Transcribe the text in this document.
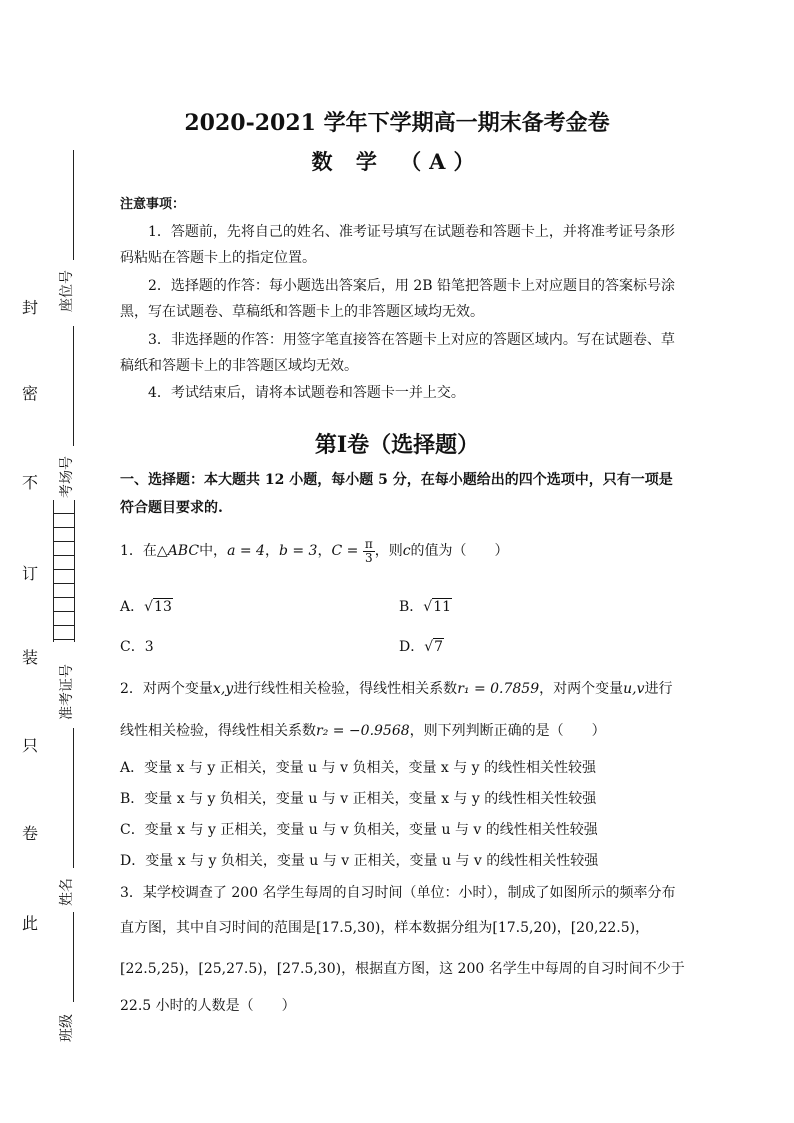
封
密
不
订
装
只
卷
此
座位号
考场号
准考证号
姓名
班级
2020-2021 学年下学期高一期末备考金卷
数 学 （A）
注意事项：
1．答题前，先将自己的姓名、准考证号填写在试题卷和答题卡上，并将准考证号条形码粘贴在答题卡上的指定位置。
2．选择题的作答：每小题选出答案后，用 2B 铅笔把答题卡上对应题目的答案标号涂黑，写在试题卷、草稿纸和答题卡上的非答题区域均无效。
3．非选择题的作答：用签字笔直接答在答题卡上对应的答题区域内。写在试题卷、草稿纸和答题卡上的非答题区域均无效。
4．考试结束后，请将本试题卷和答题卡一并上交。
第Ⅰ卷（选择题）
一、选择题：本大题共 12 小题，每小题 5 分，在每小题给出的四个选项中，只有一项是符合题目要求的.
1．在△ABC中，a = 4，b = 3，$C = \frac{\pi}{3}$ ，则c的值为（　　）
A．√13	B．√11
C．3	D．√7
2．对两个变量x,y进行线性相关检验，得线性相关系数r₁ = 0.7859，对两个变量u,v进行
线性相关检验，得线性相关系数r₂ = −0.9568，则下列判断正确的是（　　）
A．变量 x 与 y 正相关，变量 u 与 v 负相关，变量 x 与 y 的线性相关性较强
B．变量 x 与 y 负相关，变量 u 与 v 正相关，变量 x 与 y 的线性相关性较强
C．变量 x 与 y 正相关，变量 u 与 v 负相关，变量 u 与 v 的线性相关性较强
D．变量 x 与 y 负相关，变量 u 与 v 正相关，变量 u 与 v 的线性相关性较强
3．某学校调查了 200 名学生每周的自习时间（单位：小时），制成了如图所示的频率分布
直方图，其中自习时间的范围是[17.5,30)，样本数据分组为[17.5,20)，[20,22.5)，
[22.5,25)，[25,27.5)，[27.5,30)，根据直方图，这 200 名学生中每周的自习时间不少于
22.5 小时的人数是（　　）
